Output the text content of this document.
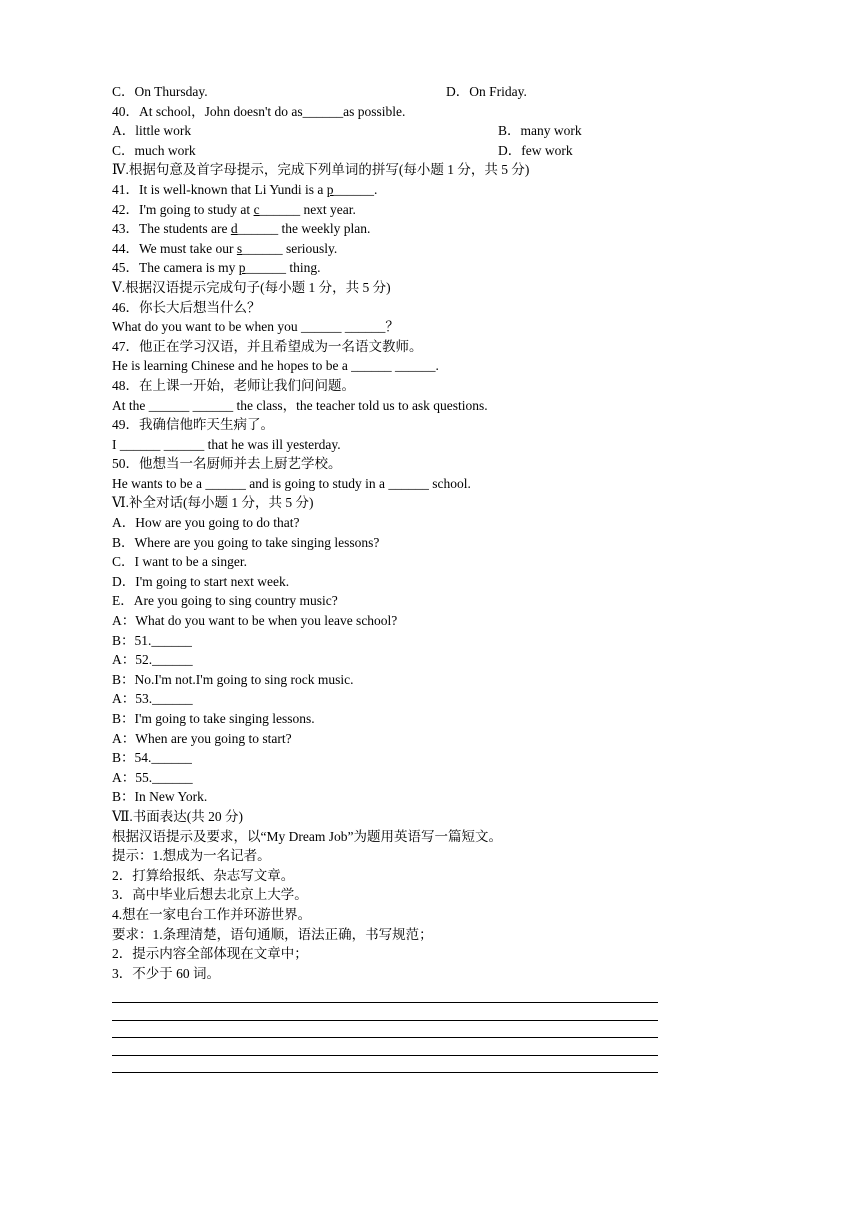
C．On Thursday.	D．On Friday.
40．At school，John doesn't do as______as possible.
A．little work	B．many work
C．much work	D．few work
Ⅳ.根据句意及首字母提示，完成下列单词的拼写(每小题 1 分，共 5 分)
41．It is well-known that Li Yundi is a p______.
42．I'm going to study at c______ next year.
43．The students are d______ the weekly plan.
44．We must take our s______ seriously.
45．The camera is my p______ thing.
Ⅴ.根据汉语提示完成句子(每小题 1 分，共 5 分)
46．你长大后想当什么？
What do you want to be when you ______ ______？
47．他正在学习汉语，并且希望成为一名语文教师。
He is learning Chinese and he hopes to be a ______ ______.
48．在上课一开始，老师让我们问问题。
At the ______ ______ the class，the teacher told us to ask questions.
49．我确信他昨天生病了。
I ______ ______ that he was ill yesterday.
50．他想当一名厨师并去上厨艺学校。
He wants to be a ______ and is going to study in a ______ school.
Ⅵ.补全对话(每小题 1 分，共 5 分)
A．How are you going to do that?
B．Where are you going to take singing lessons?
C．I want to be a singer.
D．I'm going to start next week.
E．Are you going to sing country music?
A：What do you want to be when you leave school?
B：51.______
A：52.______
B：No.I'm not.I'm going to sing rock music.
A：53.______
B：I'm going to take singing lessons.
A：When are you going to start?
B：54.______
A：55.______
B：In New York.
Ⅶ.书面表达(共 20 分)
根据汉语提示及要求，以“My Dream Job”为题用英语写一篇短文。
提示：1.想成为一名记者。
2．打算给报纸、杂志写文章。
3．高中毕业后想去北京上大学。
4.想在一家电台工作并环游世界。
要求：1.条理清楚，语句通顺，语法正确，书写规范；
2．提示内容全部体现在文章中；
3．不少于 60 词。
